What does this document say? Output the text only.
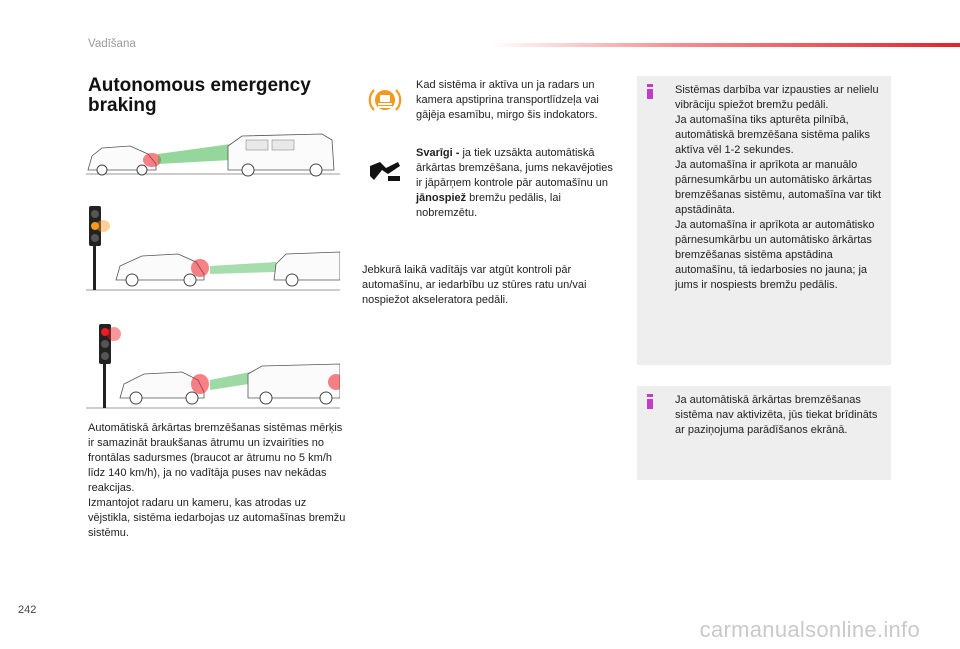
Vadīšana
Autonomous emergency braking
Automātiskā ārkārtas bremzēšanas sistēmas mērķis ir samazināt braukšanas ātrumu un izvairīties no frontālas sadursmes (braucot ar ātrumu no 5 km/h līdz 140 km/h), ja no vadītāja puses nav nekādas reakcijas.
Izmantojot radaru un kameru, kas atrodas uz vējstikla, sistēma iedarbojas uz automašīnas bremžu sistēmu.
Kad sistēma ir aktīva un ja radars un kamera apstiprina transportlīdzeļa vai gājēja esamību, mirgo šis indokators.
Svarīgi - ja tiek uzsākta automātiskā ārkārtas bremzēšana, jums nekavējoties ir jāpārņem kontrole pār automašīnu un jānospiež bremžu pedālis, lai nobremzētu.
Jebkurā laikā vadītājs var atgūt kontroli pār automašīnu, ar iedarbību uz stūres ratu un/vai nospiežot akseleratora pedāli.
Sistēmas darbība var izpausties ar nelielu vibrāciju spiežot bremžu pedāli.
Ja automašīna tiks apturēta pilnībā, automātiskā bremzēšana sistēma paliks aktīva vēl 1-2 sekundes.
Ja automašīna ir aprīkota ar manuālo pārnesumkārbu un automātisko ārkārtas bremzēšanas sistēmu, automašīna var tikt apstādināta.
Ja automašīna ir aprīkota ar automātisko pārnesumkārbu un automātisko ārkārtas bremzēšanas sistēma apstādina automašīnu, tā iedarbosies no jauna; ja jums ir nospiests bremžu pedālis.
Ja automātiskā ārkārtas bremzēšanas sistēma nav aktivizēta, jūs tiekat brīdināts ar paziņojuma parādīšanos ekrānā.
242
carmanualsonline.info
